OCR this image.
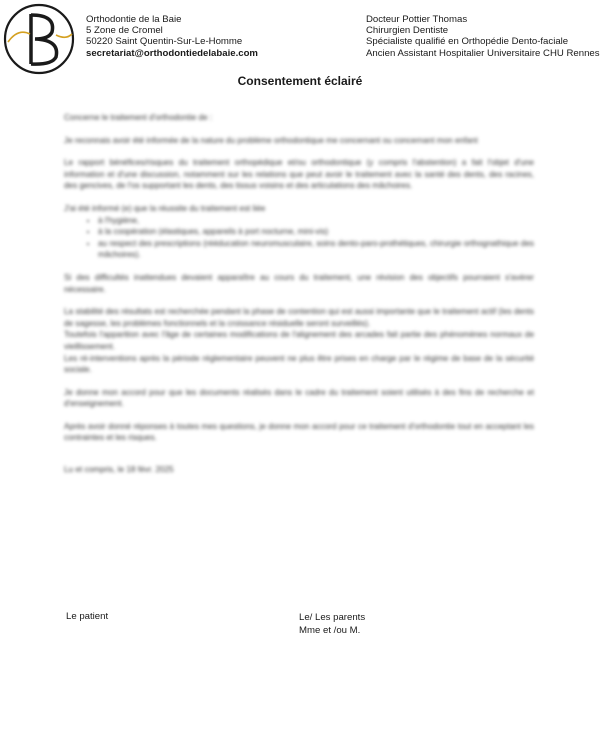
Orthodontie de la Baie
5 Zone de Cromel
50220 Saint Quentin-Sur-Le-Homme
secretariat@orthodontiedelabaie.com
Docteur Pottier Thomas
Chirurgien Dentiste
Spécialiste qualifié en Orthopédie Dento-faciale
Ancien Assistant Hospitalier Universitaire CHU Rennes
Consentement éclairé

Concerne le traitement d'orthodontie de :

Je reconnais avoir été informée de la nature du problème orthodontique me concernant ou concernant mon enfant

Le rapport bénéfices/risques du traitement orthopédique et/ou orthodontique (y compris l'abstention) a fait l'objet d'une information et d'une discussion, notamment sur les relations que peut avoir le traitement avec la santé des dents, des racines, des gencives, de l'os supportant les dents, des tissus voisins et des articulations des mâchoires.

J'ai été informé (e) que la réussite du traitement est liée
• à l'hygiène,
• à la coopération (élastiques, appareils à port nocturne, mini-vis)
• au respect des prescriptions (rééducation neuromusculaire, soins dento-paro-prothétiques, chirurgie orthognathique des mâchoires).

Si des difficultés inattendues devaient apparaître au cours du traitement, une révision des objectifs pourraient s'avérer nécessaire.

La stabilité des résultats est recherchée pendant la phase de contention qui est aussi importante que le traitement actif (les dents de sagesse, les problèmes fonctionnels et la croissance résiduelle seront surveillés).
Toutefois l'apparition avec l'âge de certaines modifications de l'alignement des arcades fait partie des phénomènes normaux de vieillissement.

Les ré-interventions après la période réglementaire peuvent ne plus être prises en charge par le régime de base de la sécurité sociale.

Je donne mon accord pour que les documents réalisés dans le cadre du traitement soient utilisés à des fins de recherche et d'enseignement.

Après avoir donné réponses à toutes mes questions, je donne mon accord pour ce traitement d'orthodontie tout en acceptant les contraintes et les risques.

Lu et compris, le 18 févr. 2025

Le patient	Le/ Les parents
Mme et /ou M.
